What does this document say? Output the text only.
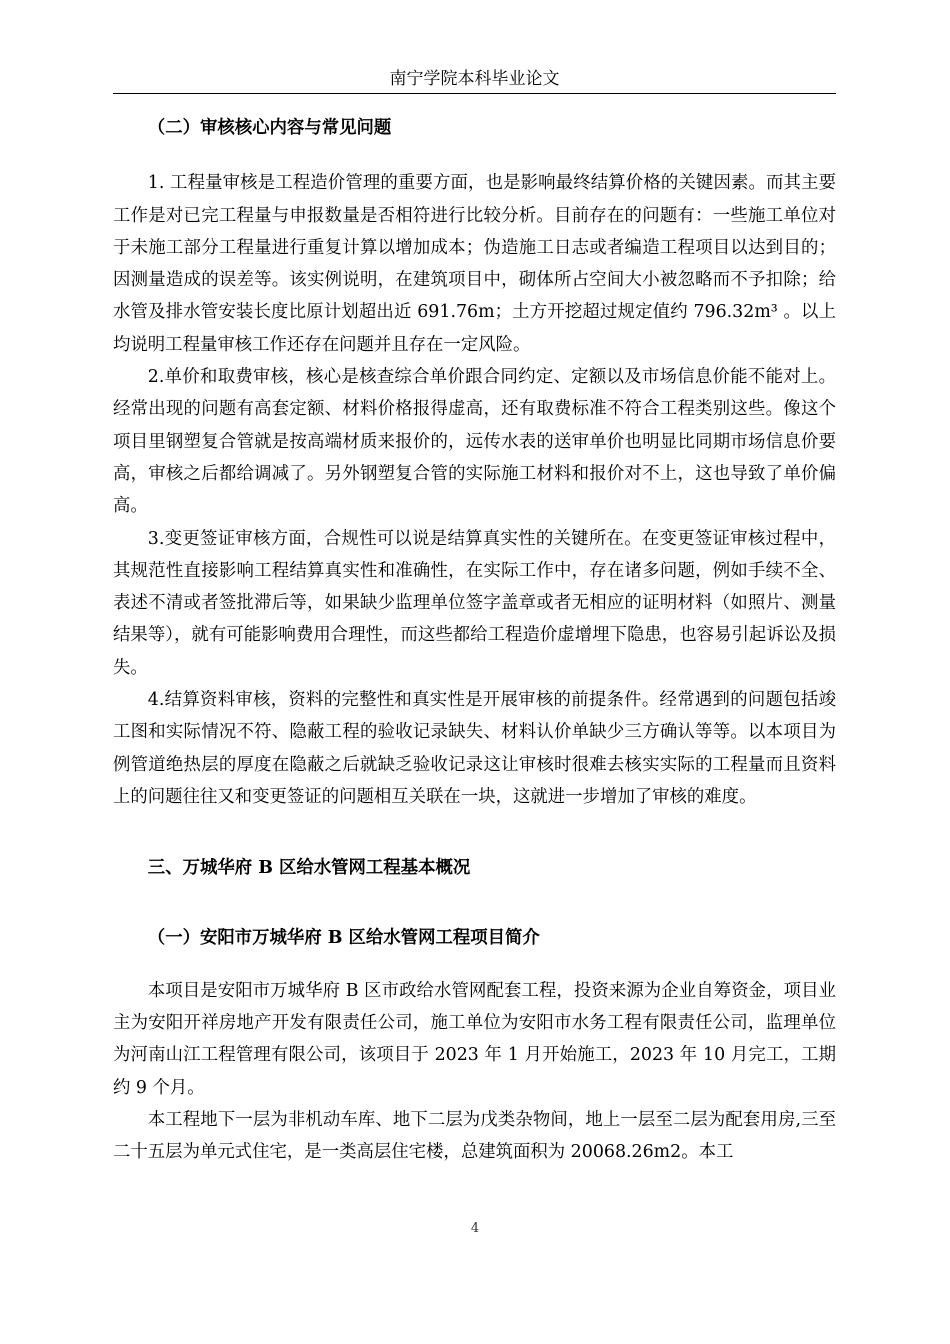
南宁学院本科毕业论文
（二）审核核心内容与常见问题

1. 工程量审核是工程造价管理的重要方面，也是影响最终结算价格的关键因素。而其主要工作是对已完工程量与申报数量是否相符进行比较分析。目前存在的问题有：一些施工单位对于未施工部分工程量进行重复计算以增加成本；伪造施工日志或者编造工程项目以达到目的；因测量造成的误差等。该实例说明，在建筑项目中，砌体所占空间大小被忽略而不予扣除；给水管及排水管安装长度比原计划超出近 691.76m；土方开挖超过规定值约 796.32m³ 。以上均说明工程量审核工作还存在问题并且存在一定风险。

2.单价和取费审核，核心是核查综合单价跟合同约定、定额以及市场信息价能不能对上。经常出现的问题有高套定额、材料价格报得虚高，还有取费标准不符合工程类别这些。像这个项目里钢塑复合管就是按高端材质来报价的，远传水表的送审单价也明显比同期市场信息价要高，审核之后都给调减了。另外钢塑复合管的实际施工材料和报价对不上，这也导致了单价偏高。

3.变更签证审核方面，合规性可以说是结算真实性的关键所在。在变更签证审核过程中，其规范性直接影响工程结算真实性和准确性，在实际工作中，存在诸多问题，例如手续不全、表述不清或者签批滞后等，如果缺少监理单位签字盖章或者无相应的证明材料（如照片、测量结果等），就有可能影响费用合理性，而这些都给工程造价虚增埋下隐患，也容易引起诉讼及损失。

4.结算资料审核，资料的完整性和真实性是开展审核的前提条件。经常遇到的问题包括竣工图和实际情况不符、隐蔽工程的验收记录缺失、材料认价单缺少三方确认等等。以本项目为例管道绝热层的厚度在隐蔽之后就缺乏验收记录这让审核时很难去核实实际的工程量而且资料上的问题往往又和变更签证的问题相互关联在一块，这就进一步增加了审核的难度。

三、万城华府 B 区给水管网工程基本概况
（一）安阳市万城华府 B 区给水管网工程项目简介

本项目是安阳市万城华府 B 区市政给水管网配套工程，投资来源为企业自筹资金，项目业主为安阳开祥房地产开发有限责任公司，施工单位为安阳市水务工程有限责任公司，监理单位为河南山江工程管理有限公司，该项目于 2023 年 1 月开始施工，2023 年 10 月完工，工期约 9 个月。

本工程地下一层为非机动车库、地下二层为戊类杂物间，地上一层至二层为配套用房,三至二十五层为单元式住宅，是一类高层住宅楼，总建筑面积为 20068.26m2。本工

4
